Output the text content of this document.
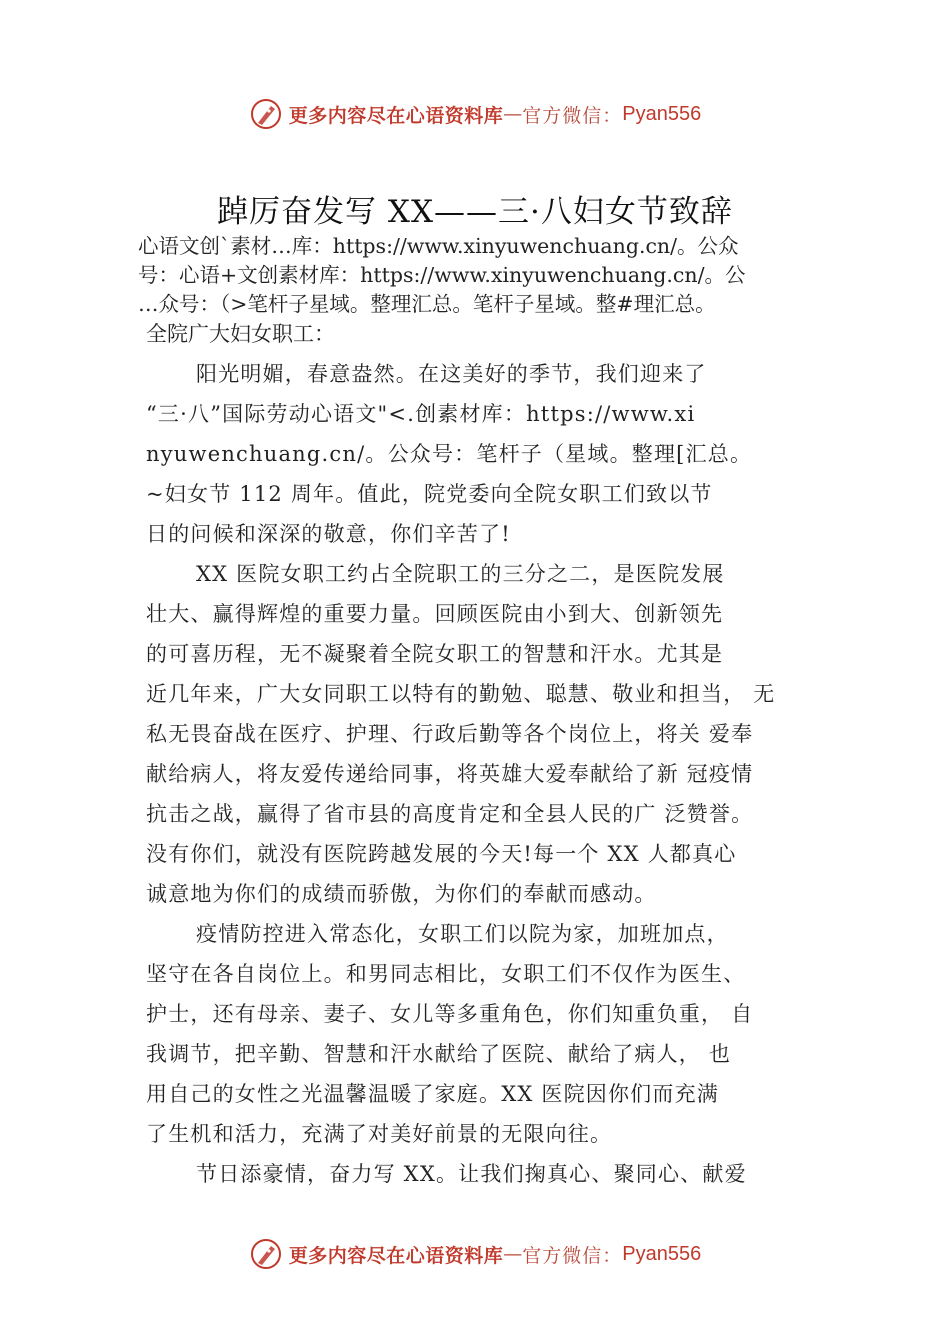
更多内容尽在心语资料库 — 官方微信： Pyan556
踔厉奋发写 XX——三·八妇女节致辞
心语文创`素材…库：https://www.xinyuwenchuang.cn/。公众
号：心语+文创素材库：https://www.xinyuwenchuang.cn/。公
…众号：（>笔杆子星域。整理汇总。笔杆子星域。整#理汇总。
全院广大妇女职工：
阳光明媚，春意盎然。在这美好的季节，我们迎来了
“三·八”国际劳动心语文"<.创素材库：https://www.xi
nyuwenchuang.cn/。公众号：笔杆子（星域。整理[汇总。
~妇女节 112 周年。值此，院党委向全院女职工们致以节
日的问候和深深的敬意，你们辛苦了!
XX 医院女职工约占全院职工的三分之二，是医院发展
壮大、赢得辉煌的重要力量。回顾医院由小到大、创新领先
的可喜历程，无不凝聚着全院女职工的智慧和汗水。尤其是
近几年来，广大女同职工以特有的勤勉、聪慧、敬业和担当， 无
私无畏奋战在医疗、护理、行政后勤等各个岗位上，将关 爱奉
献给病人，将友爱传递给同事，将英雄大爱奉献给了新 冠疫情
抗击之战，赢得了省市县的高度肯定和全县人民的广 泛赞誉。
没有你们，就没有医院跨越发展的今天!每一个 XX 人都真心
诚意地为你们的成绩而骄傲，为你们的奉献而感动。
疫情防控进入常态化，女职工们以院为家，加班加点，
坚守在各自岗位上。和男同志相比，女职工们不仅作为医生、
护士，还有母亲、妻子、女儿等多重角色，你们知重负重， 自
我调节，把辛勤、智慧和汗水献给了医院、献给了病人， 也
用自己的女性之光温馨温暖了家庭。XX 医院因你们而充满
了生机和活力，充满了对美好前景的无限向往。
节日添豪情，奋力写 XX。让我们掬真心、聚同心、献爱
更多内容尽在心语资料库 — 官方微信： Pyan556
